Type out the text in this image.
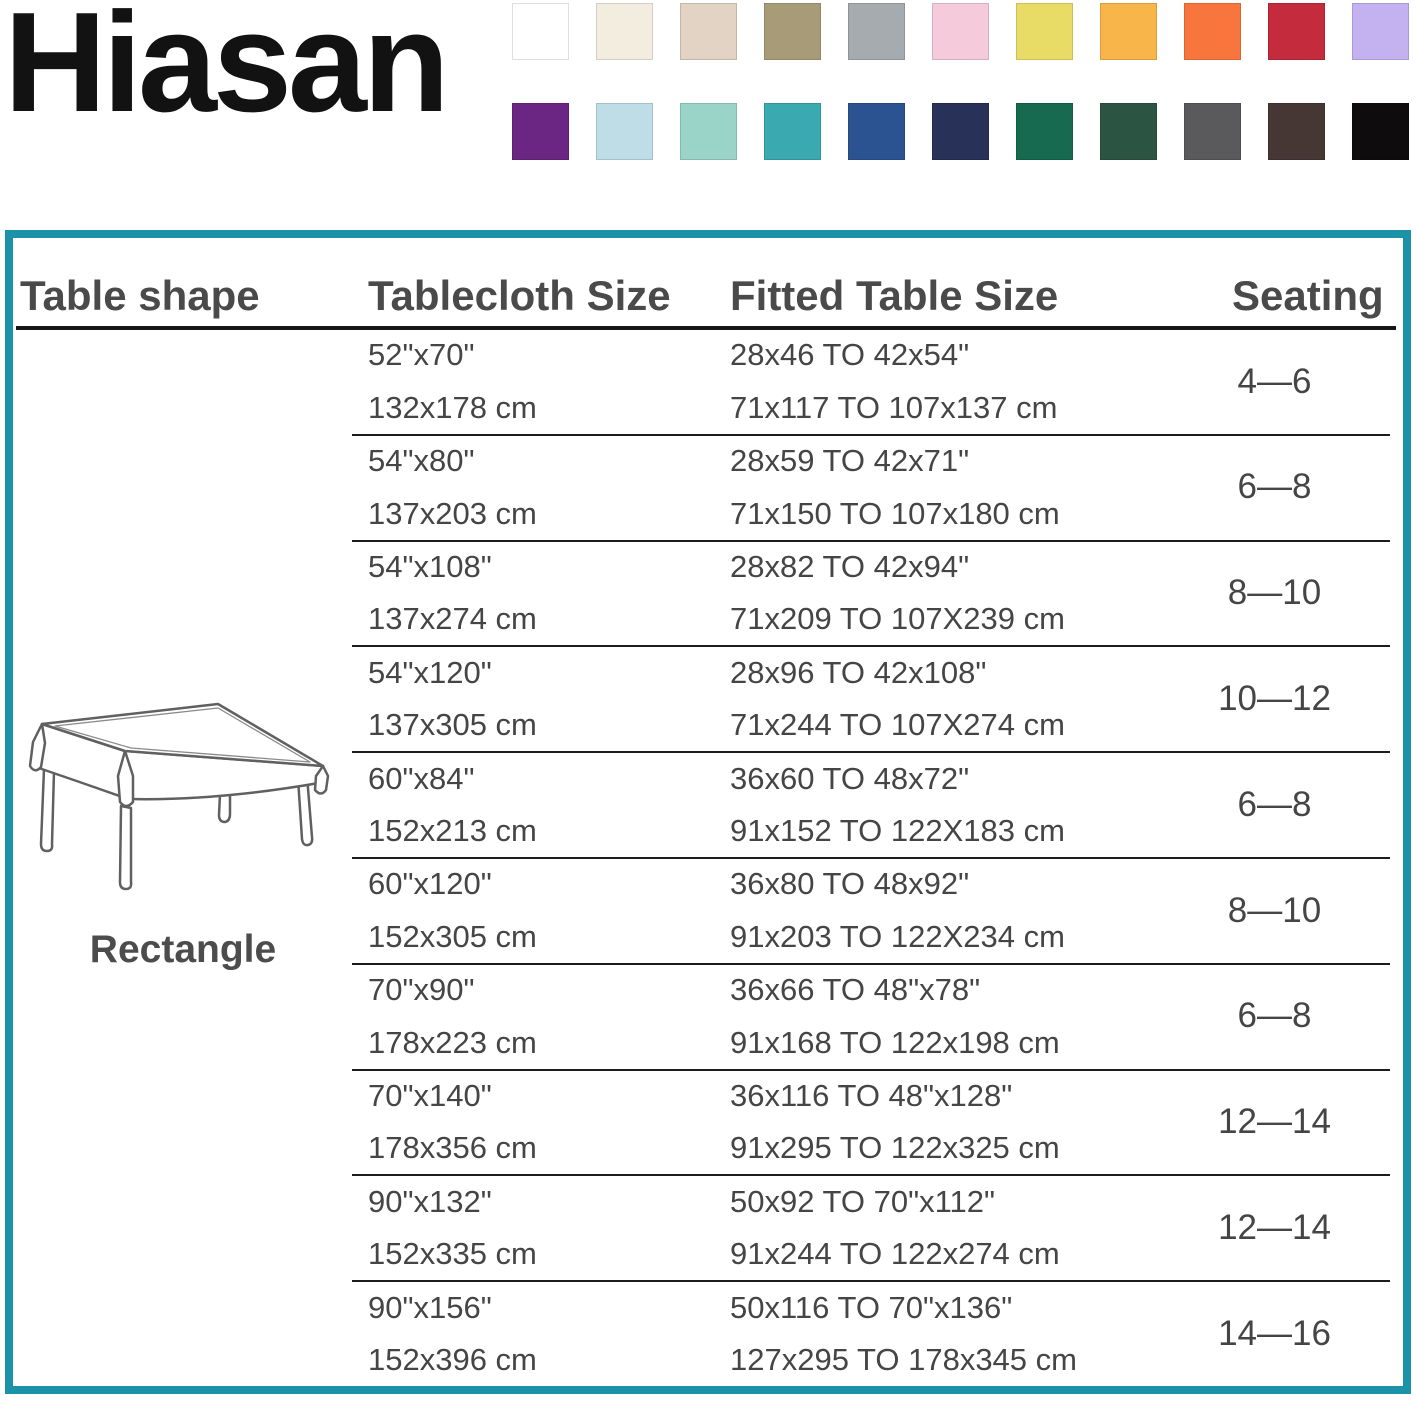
Hiasan
Table shape	Tablecloth Size Fitted Table Size	Seating
Rectangle
52"x70"
132x178 cm
28x46 TO 42x54"
71x117 TO 107x137 cm
4—6
54"x80"
137x203 cm
28x59 TO 42x71"
71x150 TO 107x180 cm
6—8
54"x108"
137x274 cm
28x82 TO 42x94"
71x209 TO 107X239 cm
8—10
54"x120"
137x305 cm
28x96 TO 42x108"
71x244 TO 107X274 cm
10—12
60"x84"
152x213 cm
36x60 TO 48x72"
91x152 TO 122X183 cm
6—8
60"x120"
152x305 cm
36x80 TO 48x92"
91x203 TO 122X234 cm
8—10
70"x90"
178x223 cm
36x66 TO 48"x78"
91x168 TO 122x198 cm
6—8
70"x140"
178x356 cm
36x116 TO 48"x128"
91x295 TO 122x325 cm
12—14
90"x132"
152x335 cm
50x92 TO 70"x112"
91x244 TO 122x274 cm
12—14
90"x156"
152x396 cm
50x116 TO 70"x136"
127x295 TO 178x345 cm
14—16
